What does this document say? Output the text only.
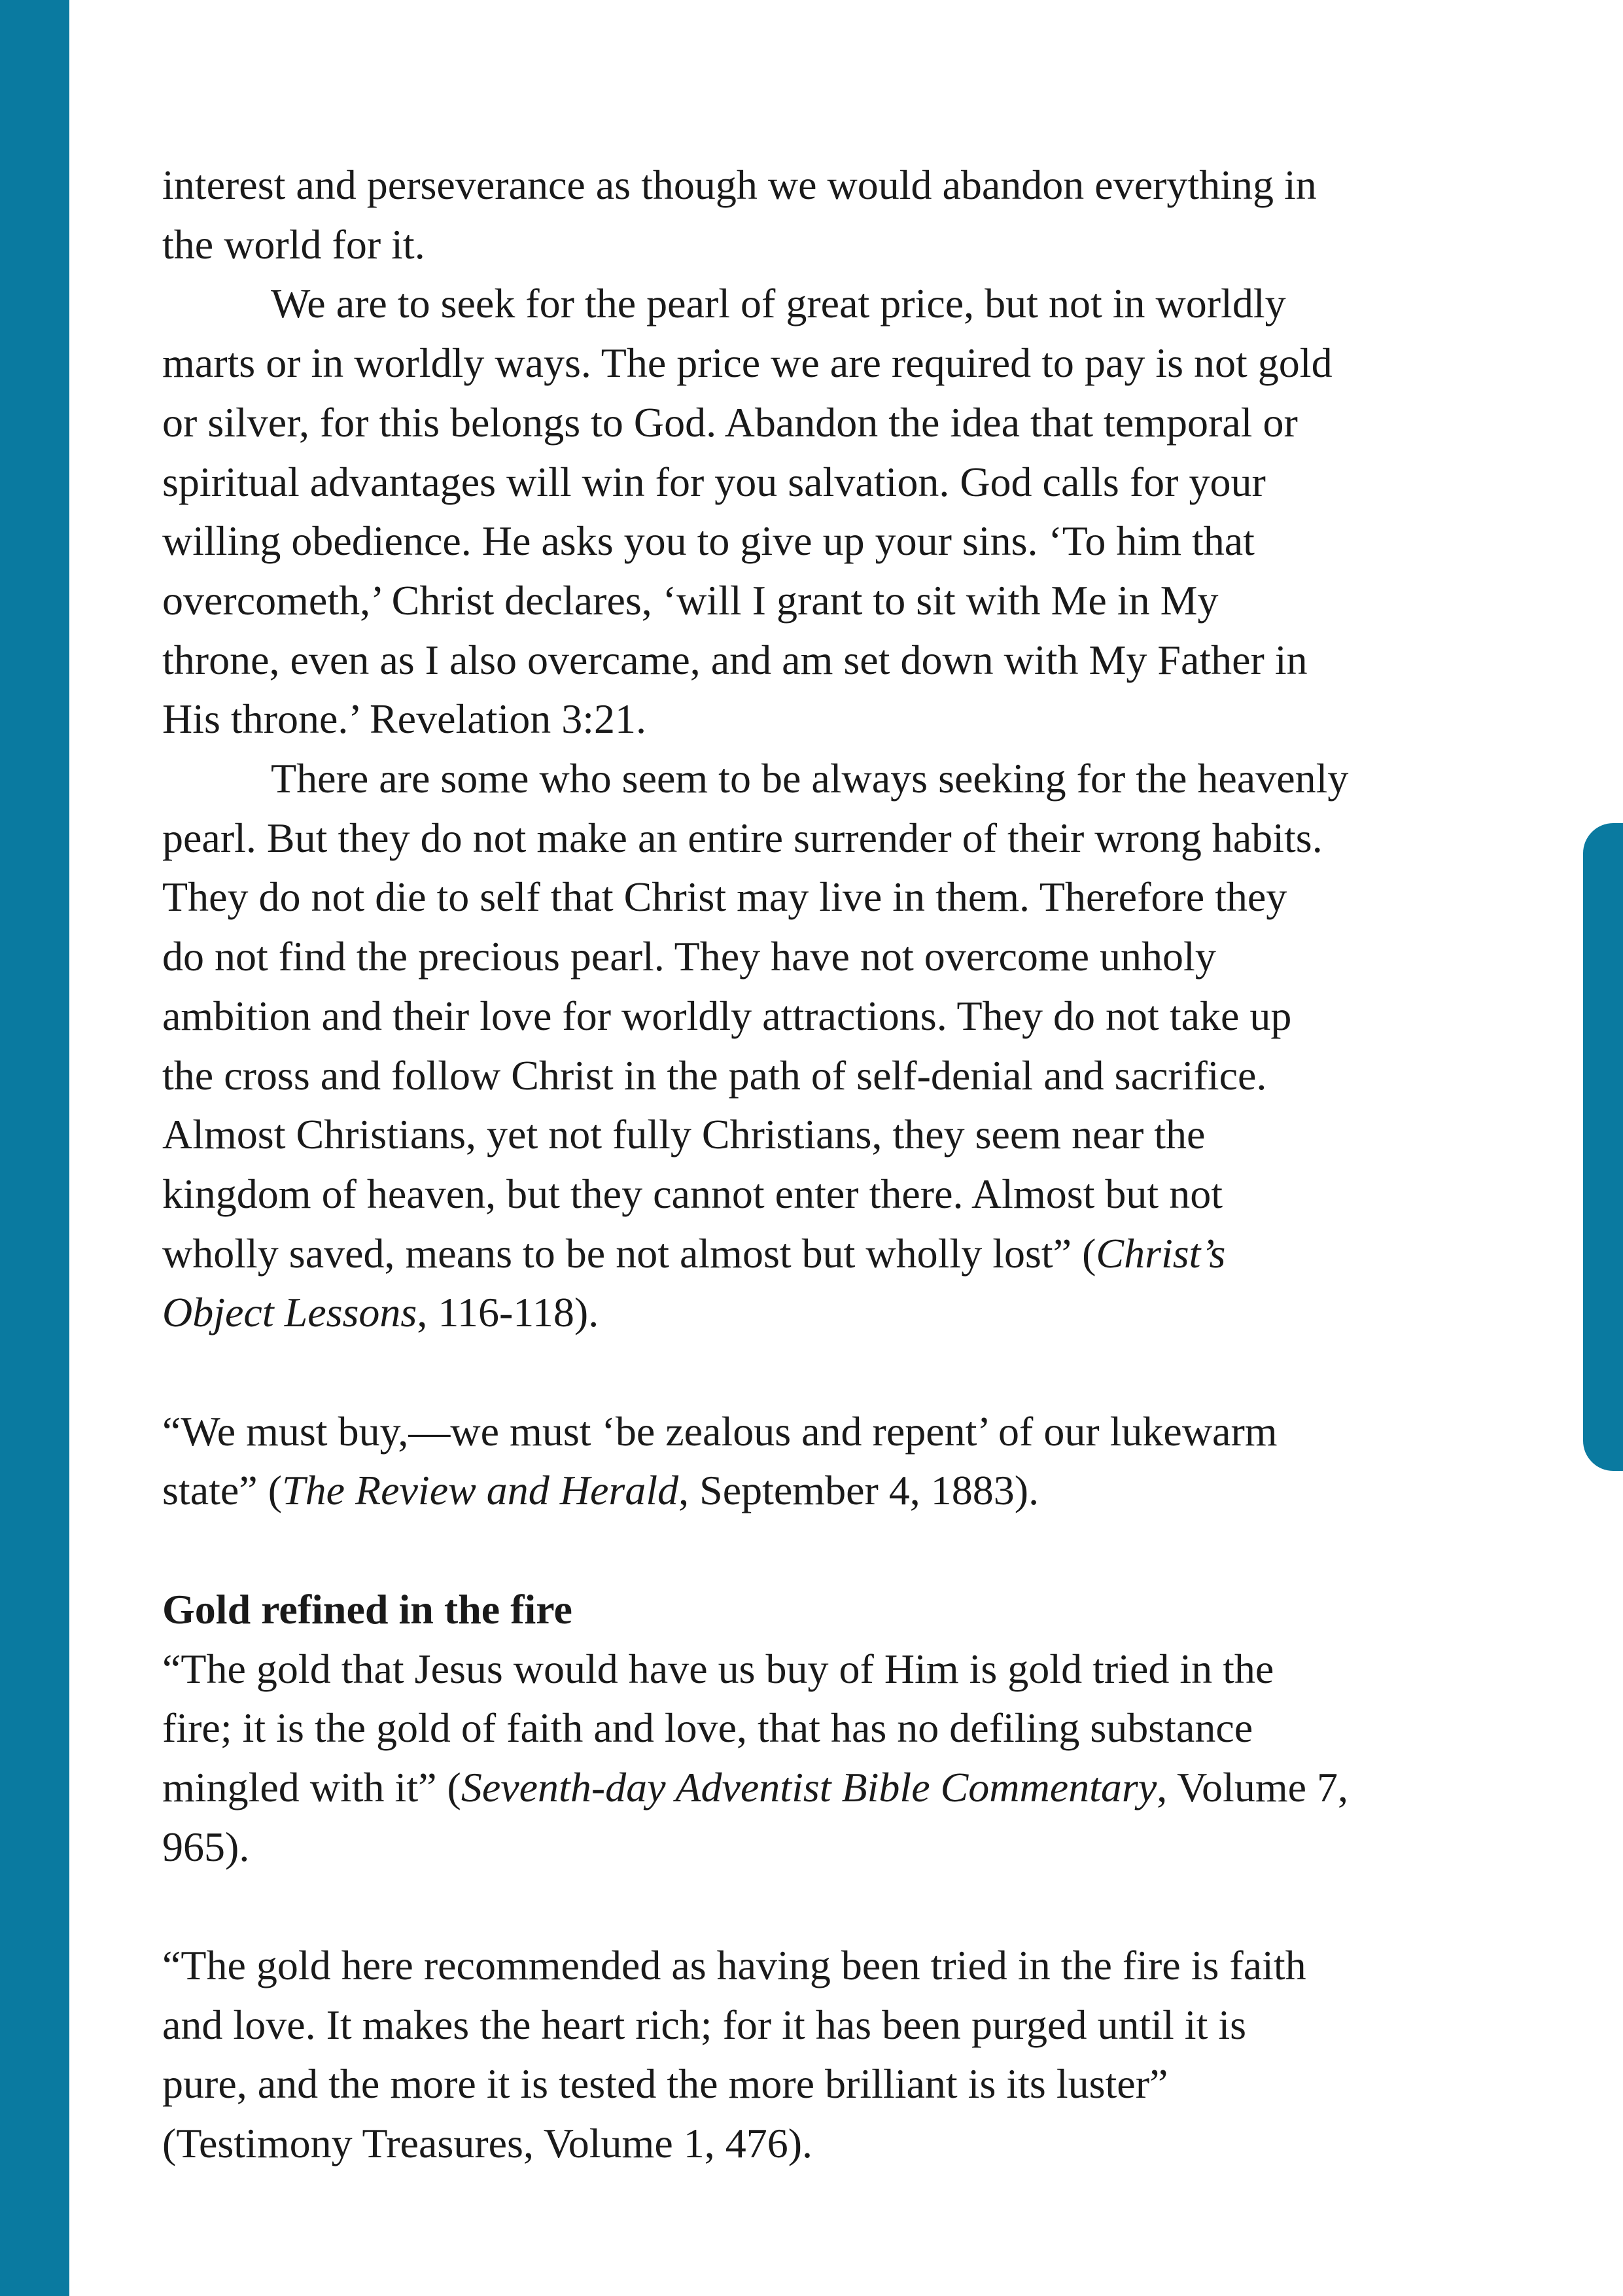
interest and perseverance as though we would abandon everything in
the world for it.

We are to seek for the pearl of great price, but not in worldly
marts or in worldly ways. The price we are required to pay is not gold
or silver, for this belongs to God. Abandon the idea that temporal or
spiritual advantages will win for you salvation. God calls for your
willing obedience. He asks you to give up your sins. ‘To him that
overcometh,’ Christ declares, ‘will I grant to sit with Me in My
throne, even as I also overcame, and am set down with My Father in
His throne.’ Revelation 3:21.

There are some who seem to be always seeking for the heavenly
pearl. But they do not make an entire surrender of their wrong habits.
They do not die to self that Christ may live in them. Therefore they
do not find the precious pearl. They have not overcome unholy
ambition and their love for worldly attractions. They do not take up
the cross and follow Christ in the path of self-denial and sacrifice.
Almost Christians, yet not fully Christians, they seem near the
kingdom of heaven, but they cannot enter there. Almost but not
wholly saved, means to be not almost but wholly lost” (Christ’s
Object Lessons, 116-118).

“We must buy,—we must ‘be zealous and repent’ of our lukewarm
state” (The Review and Herald, September 4, 1883).

Gold refined in the fire

“The gold that Jesus would have us buy of Him is gold tried in the
fire; it is the gold of faith and love, that has no defiling substance
mingled with it” (Seventh-day Adventist Bible Commentary, Volume 7,
965).

“The gold here recommended as having been tried in the fire is faith
and love. It makes the heart rich; for it has been purged until it is
pure, and the more it is tested the more brilliant is its luster”
(Testimony Treasures, Volume 1, 476).
